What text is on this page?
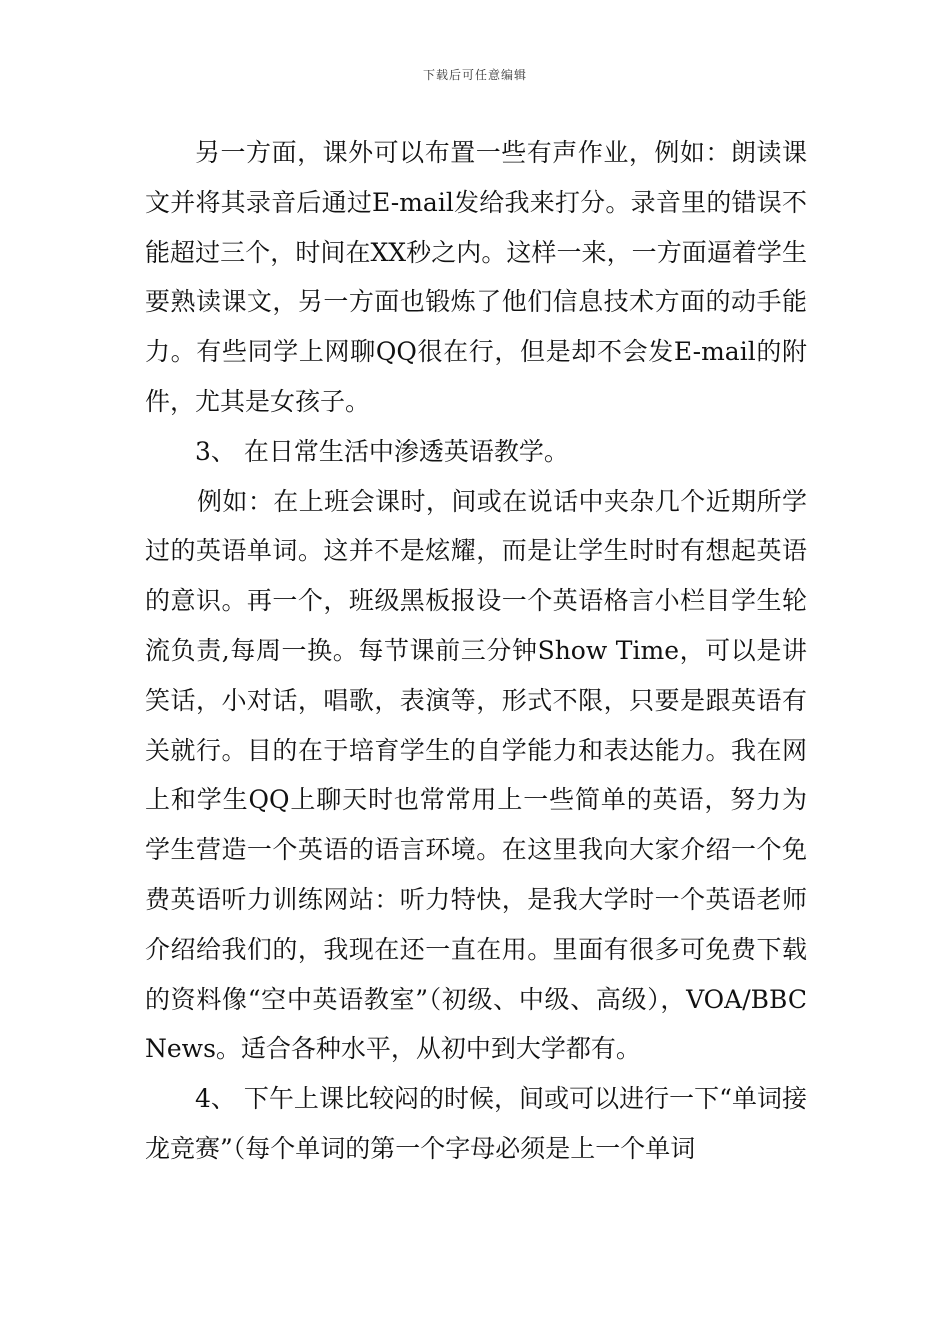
下载后可任意编辑

另一方面，课外可以布置一些有声作业，例如：朗读课文并将其录音后通过E-mail发给我来打分。录音里的错误不能超过三个，时间在XX秒之内。这样一来，一方面逼着学生要熟读课文，另一方面也锻炼了他们信息技术方面的动手能力。有些同学上网聊QQ很在行，但是却不会发E-mail的附件，尤其是女孩子。

3、 在日常生活中渗透英语教学。

例如：在上班会课时，间或在说话中夹杂几个近期所学过的英语单词。这并不是炫耀，而是让学生时时有想起英语的意识。再一个，班级黑板报设一个英语格言小栏目学生轮流负责,每周一换。每节课前三分钟Show Time，可以是讲笑话，小对话，唱歌，表演等，形式不限，只要是跟英语有关就行。目的在于培育学生的自学能力和表达能力。我在网上和学生QQ上聊天时也常常用上一些简单的英语，努力为学生营造一个英语的语言环境。在这里我向大家介绍一个免费英语听力训练网站：听力特快，是我大学时一个英语老师介绍给我们的，我现在还一直在用。里面有很多可免费下载的资料像“空中英语教室”（初级、中级、高级），VOA/BBC News。适合各种水平，从初中到大学都有。

4、 下午上课比较闷的时候，间或可以进行一下“单词接龙竞赛”（每个单词的第一个字母必须是上一个单词
